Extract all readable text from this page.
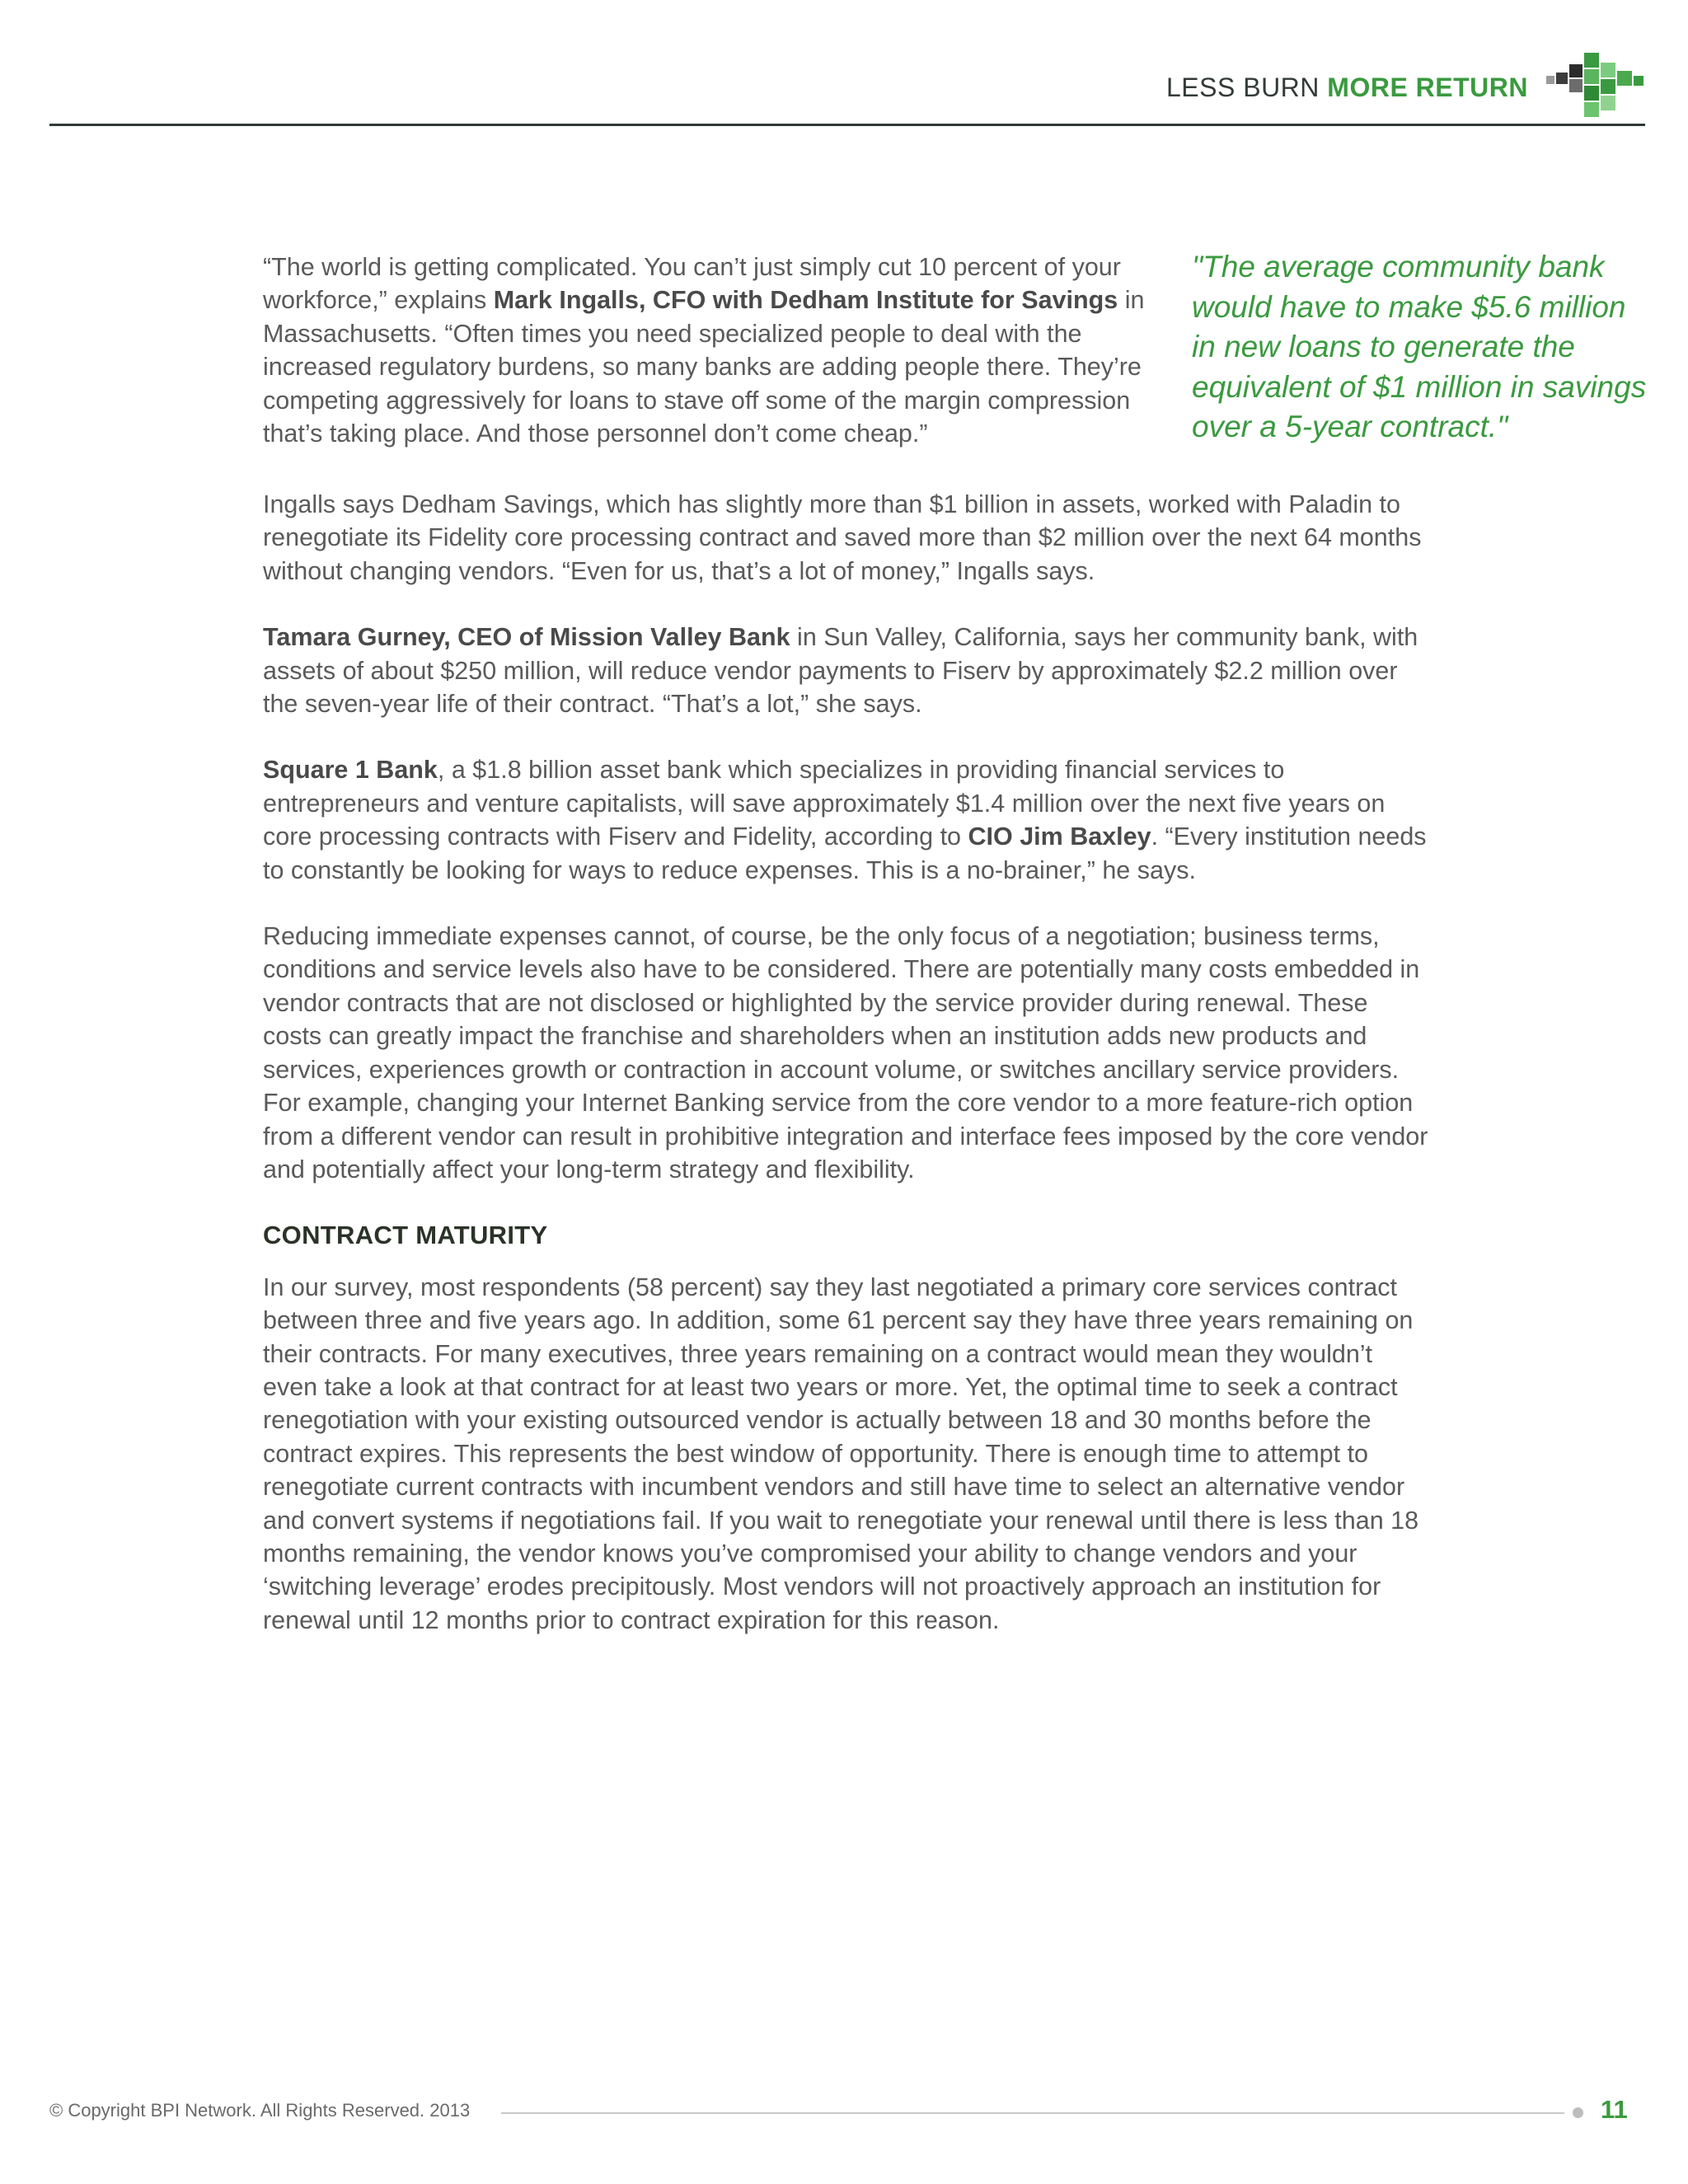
LESS BURN MORE RETURN

“The world is getting complicated. You can’t just simply cut 10 percent of your workforce,” explains Mark Ingalls, CFO with Dedham Institute for Savings in Massachusetts. “Often times you need specialized people to deal with the increased regulatory burdens, so many banks are adding people there. They’re competing aggressively for loans to stave off some of the margin compression that’s taking place. And those personnel don’t come cheap.”

"The average community bank would have to make $5.6 million in new loans to generate the equivalent of $1 million in savings over a 5-year contract."

Ingalls says Dedham Savings, which has slightly more than $1 billion in assets, worked with Paladin to renegotiate its Fidelity core processing contract and saved more than $2 million over the next 64 months without changing vendors. “Even for us, that’s a lot of money,” Ingalls says.

Tamara Gurney, CEO of Mission Valley Bank in Sun Valley, California, says her community bank, with assets of about $250 million, will reduce vendor payments to Fiserv by approximately $2.2 million over the seven-year life of their contract. “That’s a lot,” she says.

Square 1 Bank, a $1.8 billion asset bank which specializes in providing financial services to entrepreneurs and venture capitalists, will save approximately $1.4 million over the next five years on core processing contracts with Fiserv and Fidelity, according to CIO Jim Baxley. “Every institution needs to constantly be looking for ways to reduce expenses. This is a no-brainer,” he says.

Reducing immediate expenses cannot, of course, be the only focus of a negotiation; business terms, conditions and service levels also have to be considered. There are potentially many costs embedded in vendor contracts that are not disclosed or highlighted by the service provider during renewal. These costs can greatly impact the franchise and shareholders when an institution adds new products and services, experiences growth or contraction in account volume, or switches ancillary service providers. For example, changing your Internet Banking service from the core vendor to a more feature-rich option from a different vendor can result in prohibitive integration and interface fees imposed by the core vendor and potentially affect your long-term strategy and flexibility.

CONTRACT MATURITY

In our survey, most respondents (58 percent) say they last negotiated a primary core services contract between three and five years ago. In addition, some 61 percent say they have three years remaining on their contracts. For many executives, three years remaining on a contract would mean they wouldn’t even take a look at that contract for at least two years or more. Yet, the optimal time to seek a contract renegotiation with your existing outsourced vendor is actually between 18 and 30 months before the contract expires. This represents the best window of opportunity. There is enough time to attempt to renegotiate current contracts with incumbent vendors and still have time to select an alternative vendor and convert systems if negotiations fail. If you wait to renegotiate your renewal until there is less than 18 months remaining, the vendor knows you’ve compromised your ability to change vendors and your ‘switching leverage’ erodes precipitously. Most vendors will not proactively approach an institution for renewal until 12 months prior to contract expiration for this reason.

© Copyright BPI Network. All Rights Reserved. 2013	11
